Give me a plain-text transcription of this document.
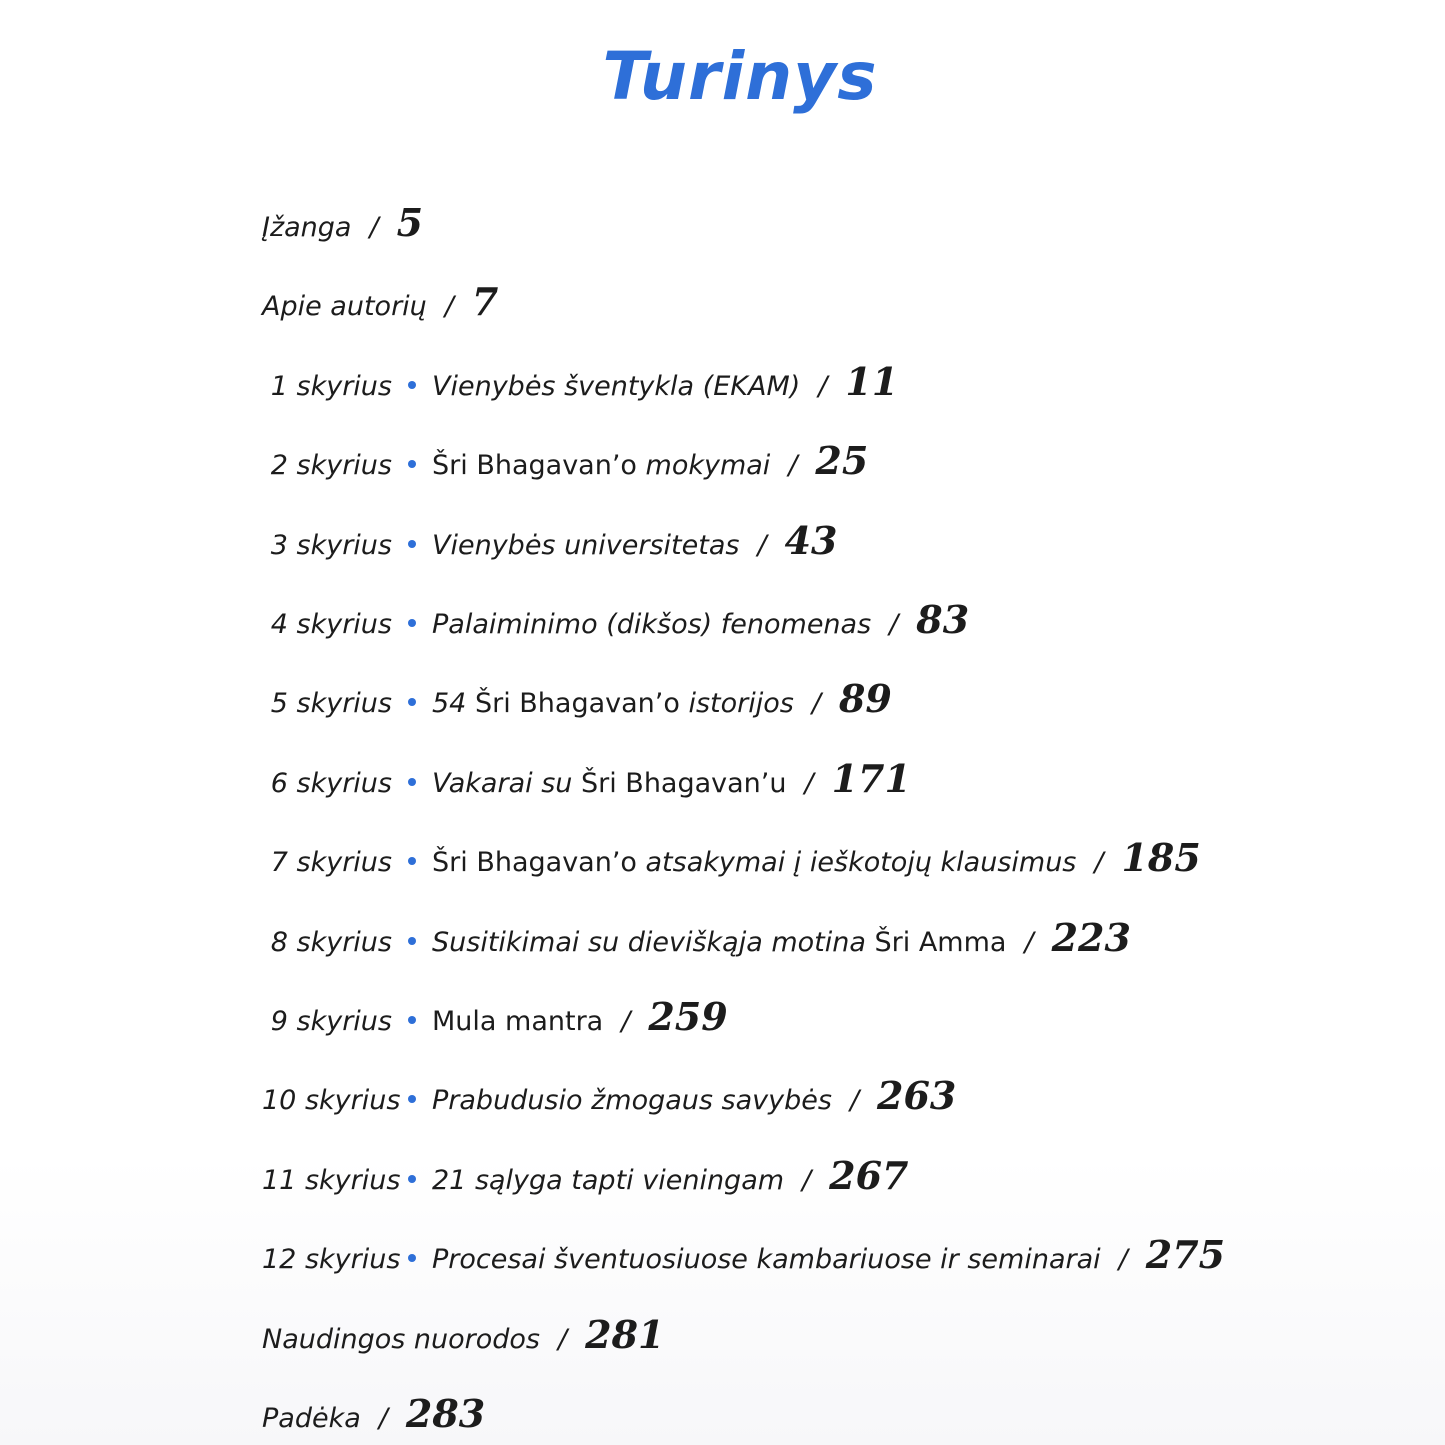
Turinys
Įžanga / 5
Apie autorių / 7
1 skyrius Vienybės šventykla (EKAM) / 11
2 skyrius Šri Bhagavan’o mokymai / 25
3 skyrius Vienybės universitetas / 43
4 skyrius Palaiminimo (dikšos) fenomenas / 83
5 skyrius 54 Šri Bhagavan’o istorijos / 89
6 skyrius Vakarai su Šri Bhagavan’u / 171
7 skyrius Šri Bhagavan’o atsakymai į ieškotojų klausimus / 185
8 skyrius Susitikimai su dieviškąja motina Šri Amma / 223
9 skyrius Mula mantra / 259
10 skyrius Prabudusio žmogaus savybės / 263
11 skyrius 21 sąlyga tapti vieningam / 267
12 skyrius Procesai šventuosiuose kambariuose ir seminarai / 275
Naudingos nuorodos / 281
Padėka / 283
